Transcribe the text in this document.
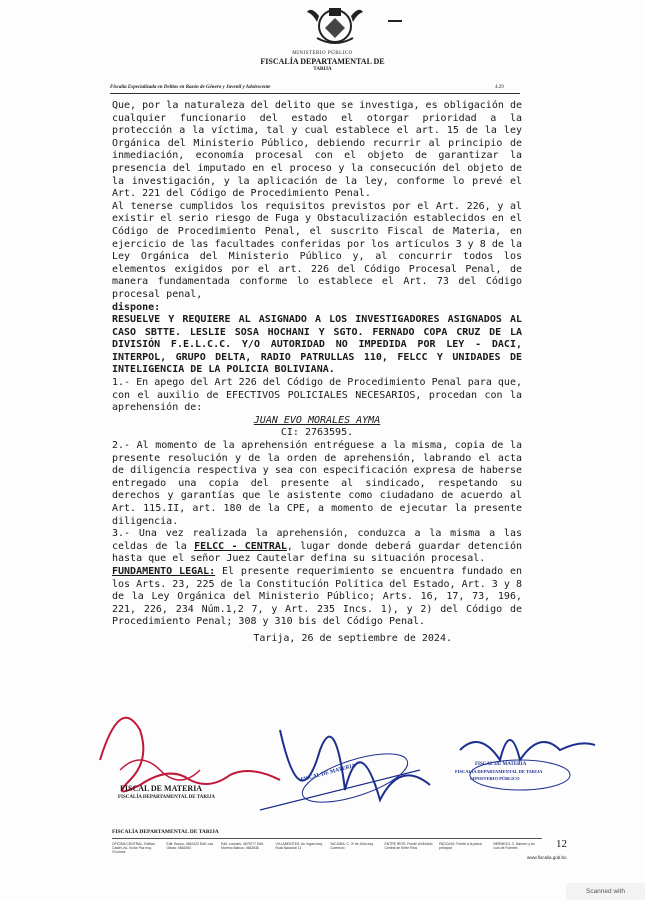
MINISTERIO PÚBLICO
FISCALÍA DEPARTAMENTAL DE
TARIJA
Fiscalía Especializada en Delitos en Razón de Género y Juvenil y Adolescente	4.29

Que, por la naturaleza del delito que se investiga, es obligación de cualquier funcionario del estado el otorgar prioridad a la protección a la víctima, tal y cual establece el art. 15 de la ley Orgánica del Ministerio Público, debiendo recurrir al principio de inmediación, economía procesal con el objeto de garantizar la presencia del imputado en el proceso y la consecución del objeto de la investigación, y la aplicación de la ley, conforme lo prevé el Art. 221 del Código de Procedimiento Penal.

Al tenerse cumplidos los requisitos previstos por el Art. 226, y al existir el serio riesgo de Fuga y Obstaculización establecidos en el Código de Procedimiento Penal, el suscrito Fiscal de Materia, en ejercicio de las facultades conferidas por los artículos 3 y 8 de la Ley Orgánica del Ministerio Público y, al concurrir todos los elementos exigidos por el art. 226 del Código Procesal Penal, de manera fundamentada conforme lo establece el Art. 73 del Código procesal penal,

dispone:

RESUELVE Y REQUIERE AL ASIGNADO A LOS INVESTIGADORES ASIGNADOS AL CASO SBTTE. LESLIE SOSA HOCHANI Y SGTO. FERNADO COPA CRUZ DE LA DIVISIÓN F.E.L.C.C. Y/O AUTORIDAD NO IMPEDIDA POR LEY - DACI, INTERPOL, GRUPO DELTA, RADIO PATRULLAS 110, FELCC Y UNIDADES DE INTELIGENCIA DE LA POLICIA BOLIVIANA.

1.- En apego del Art 226 del Código de Procedimiento Penal para que, con el auxilio de EFECTIVOS POLICIALES NECESARIOS, procedan con la aprehensión de:

JUAN EVO MORALES AYMA

CI: 2763595.

2.- Al momento de la aprehensión entréguese a la misma, copia de la presente resolución y de la orden de aprehensión, labrando el acta de diligencia respectiva y sea con especificación expresa de haberse entregado una copia del presente al sindicado, respetando su derechos y garantías que le asistente como ciudadano de acuerdo al Art. 115.II, art. 180 de la CPE, a momento de ejecutar la presente diligencia.

3.- Una vez realizada la aprehensión, conduzca a la misma a las celdas de la FELCC - CENTRAL, lugar donde deberá guardar detención hasta que el señor Juez Cautelar defina su situación procesal.

FUNDAMENTO LEGAL: El presente requerimiento se encuentra fundado en los Arts. 23, 225 de la Constitución Política del Estado, Art. 3 y 8 de la Ley Orgánica del Ministerio Público; Arts. 16, 17, 73, 196, 221, 226, 234 Núm.1,2 7, y Art. 235 Incs. 1), y 2) del Código de Procedimiento Penal; 308 y 310 bis del Código Penal.

Tarija, 26 de septiembre de 2024.

FISCAL DE MATERIA
FISCALÍA DEPARTAMENTAL DE TARIJA
FISCAL DE MATERIA	FISCAL DE MATERIA
FISCALÍA DEPARTAMENTAL DE TARIJA
MINISTERIO PÚBLICO
FISCALÍA DEPARTAMENTAL DE TARIJA
OFICINA CENTRAL: Edificio Castel, Av. Víctor Paz esq. O'connor
Edif. Bonus: 4652422 Edif. Las Olivas: 4662400
Edif. Lourdes: 4679277 Edif. Moreno Blanco: 4662636
VILLAMONTES: Av. Ingavi esq. Ruta Nacional 11
YACUIBA: C. 3º de Julio esq. Comercio
ENTRE RÍOS: Frente al Módulo Central de Entre Ríos
PADCAYA: Frente a la plaza principal
BERMEJO: C. Barrero y Av. Luis de Fuentes	12
www.fiscalia.gob.bo
Scanned with
